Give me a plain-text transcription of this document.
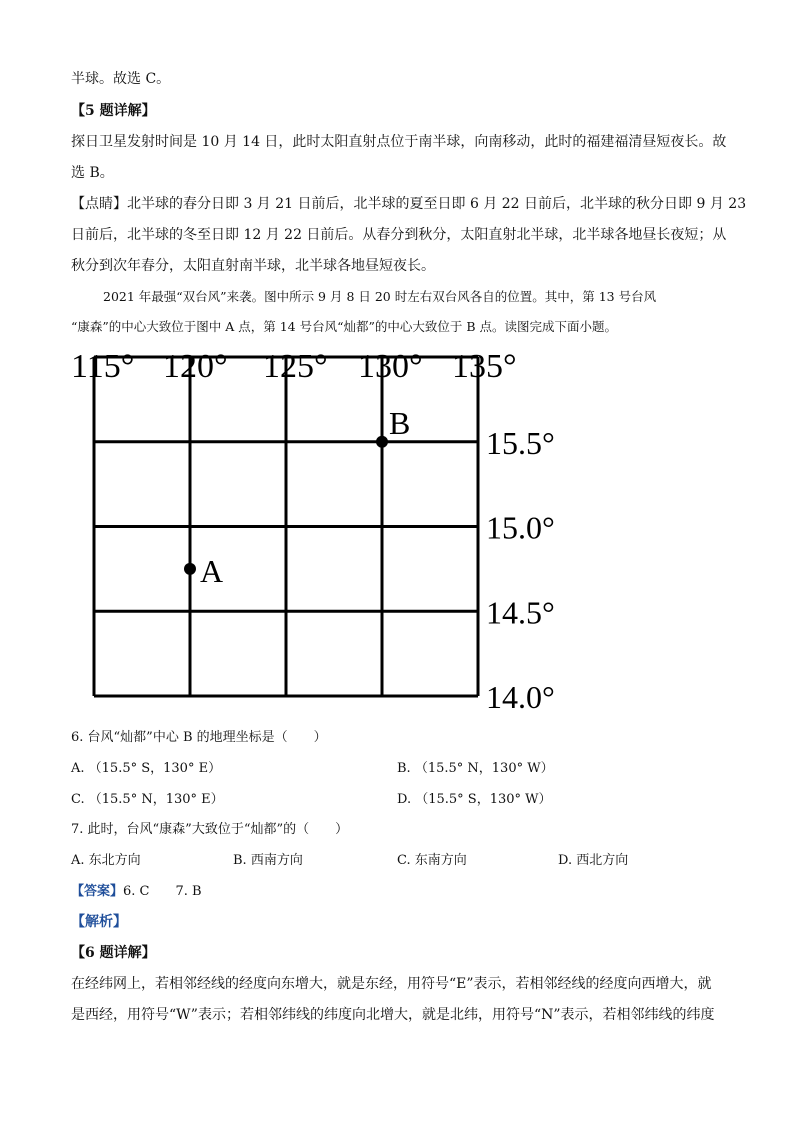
半球。故选 C。
【5 题详解】
探日卫星发射时间是 10 月 14 日，此时太阳直射点位于南半球，向南移动，此时的福建福清昼短夜长。故
选 B。
【点睛】北半球的春分日即 3 月 21 日前后，北半球的夏至日即 6 月 22 日前后，北半球的秋分日即 9 月 23
日前后，北半球的冬至日即 12 月 22 日前后。从春分到秋分，太阳直射北半球，北半球各地昼长夜短；从
秋分到次年春分，太阳直射南半球，北半球各地昼短夜长。
2021 年最强“双台风”来袭。图中所示 9 月 8 日 20 时左右双台风各自的位置。其中，第 13 号台风
“康森”的中心大致位于图中 A 点，第 14 号台风“灿都”的中心大致位于 B 点。读图完成下面小题。
115° 120° 125° 130° 135°
15.5°
15.0°
14.5°
14.0°
A
B
6. 台风“灿都”中心 B 的地理坐标是（　　）
A. （15.5° S，130° E）	B. （15.5° N，130° W）
C. （15.5° N，130° E）	D. （15.5° S，130° W）
7. 此时，台风“康森”大致位于“灿都”的（　　）
A. 东北方向	B. 西南方向	C. 东南方向	D. 西北方向
【答案】6. C　　7. B
【解析】
【6 题详解】
在经纬网上，若相邻经线的经度向东增大，就是东经，用符号“E”表示，若相邻经线的经度向西增大，就
是西经，用符号“W”表示；若相邻纬线的纬度向北增大，就是北纬，用符号“N”表示，若相邻纬线的纬度
